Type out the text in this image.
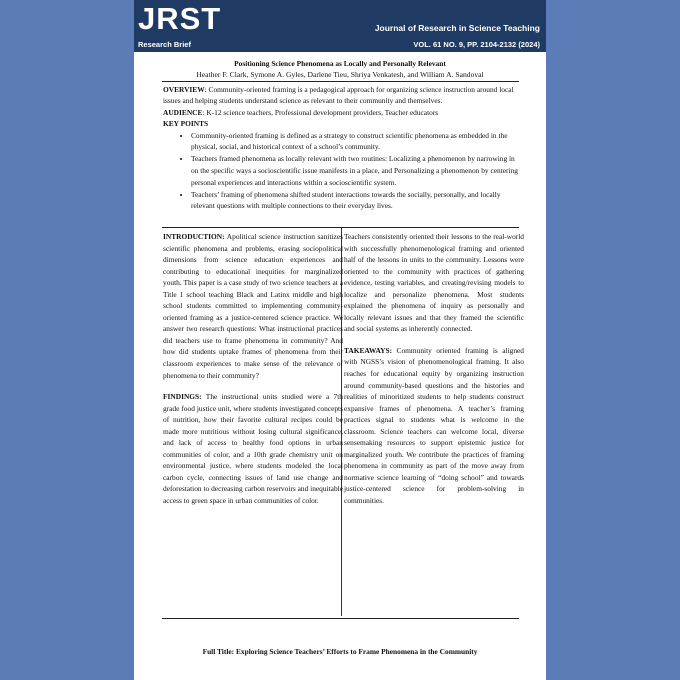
JRST	Journal of Research in Science Teaching
Research Brief	VOL. 61 NO. 9, PP. 2104-2132 (2024)
Positioning Science Phenomena as Locally and Personally Relevant
Heather F. Clark, Symone A. Gyles, Darlene Tieu, Shriya Venkatesh, and William A. Sandoval
OVERVIEW: Community-oriented framing is a pedagogical approach for organizing science instruction around local issues and helping students understand science as relevant to their community and themselves.
AUDIENCE: K-12 science teachers, Professional development providers, Teacher educators
KEY POINTS
• Community-oriented framing is defined as a strategy to construct scientific phenomena as embedded in the physical, social, and historical context of a school’s community.
• Teachers framed phenomena as locally relevant with two routines: Localizing a phenomenon by narrowing in on the specific ways a socioscientific issue manifests in a place, and Personalizing a phenomenon by centering personal experiences and interactions within a socioscientific system.
• Teachers’ framing of phenomena shifted student interactions towards the socially, personally, and locally relevant questions with multiple connections to their everyday lives.

INTRODUCTION: Apolitical science instruction sanitizes scientific phenomena and problems, erasing sociopolitical dimensions from science education experiences and contributing to educational inequities for marginalized youth. This paper is a case study of two science teachers at a Title 1 school teaching Black and Latinx middle and high school students committed to implementing community-oriented framing as a justice-centered science practice. We answer two research questions: What instructional practices did teachers use to frame phenomena in community? And how did students uptake frames of phenomena from their classroom experiences to make sense of the relevance of phenomena to their community?

FINDINGS: The instructional units studied were a 7th grade food justice unit, where students investigated concepts of nutrition, how their favorite cultural recipes could be made more nutritious without losing cultural significance, and lack of access to healthy food options in urban communities of color, and a 10th grade chemistry unit on environmental justice, where students modeled the local carbon cycle, connecting issues of land use change and deforestation to decreasing carbon reservoirs and inequitable access to green space in urban communities of color.

Teachers consistently oriented their lessons to the real-world with successfully phenomenological framing and oriented half of the lessons in units to the community. Lessons were oriented to the community with practices of gathering evidence, testing variables, and creating/revising models to localize and personalize phenomena. Most students explained the phenomena of inquiry as personally and locally relevant issues and that they framed the scientific and social systems as inherently connected.

TAKEAWAYS: Community oriented framing is aligned with NGSS’s vision of phenomenological framing. It also reaches for educational equity by organizing instruction around community-based questions and the histories and realities of minoritized students to help students construct expansive frames of phenomena. A teacher’s framing practices signal to students what is welcome in the classroom. Science teachers can welcome local, diverse sensemaking resources to support epistemic justice for marginalized youth. We contribute the practices of framing phenomena in community as part of the move away from normative science learning of “doing school” and towards justice-centered science for problem-solving in communities.

Full Title: Exploring Science Teachers’ Efforts to Frame Phenomena in the Community
